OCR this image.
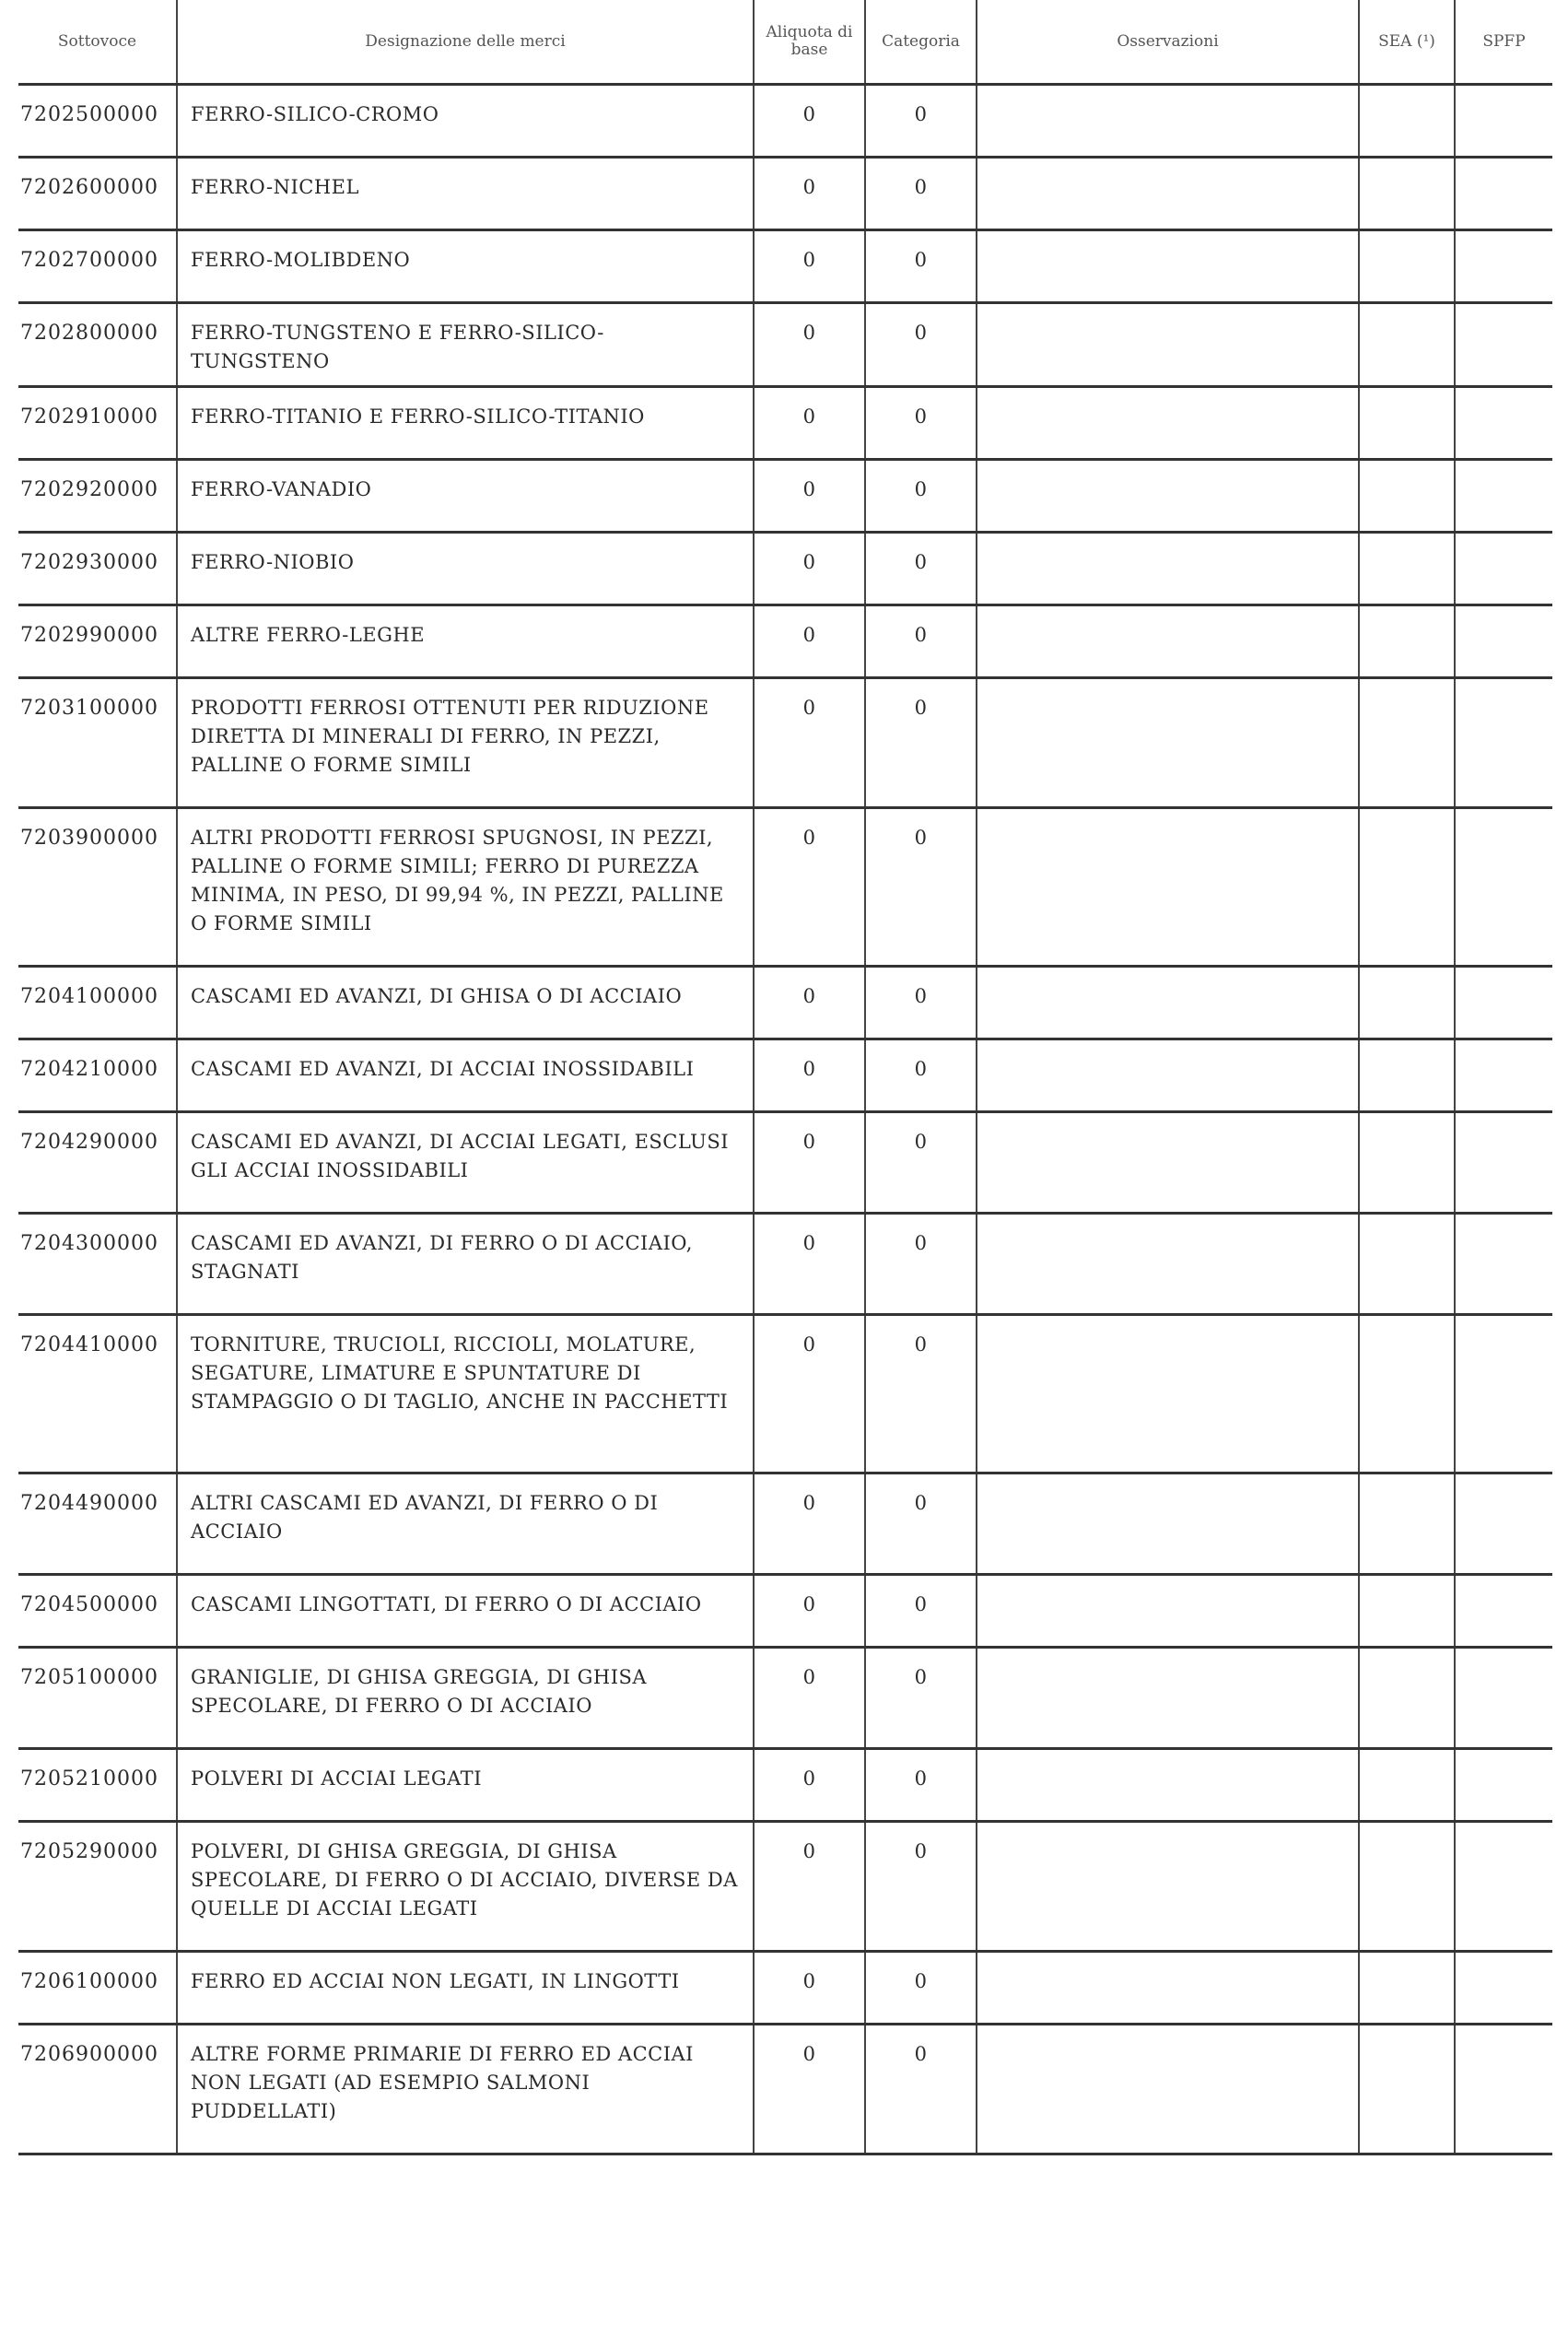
Sottovoce	Designazione delle merci	Aliquota di base	Categoria	Osservazioni	SEA (¹)	SPFP
7202500000	FERRO-SILICO-CROMO	0	0			
7202600000	FERRO-NICHEL	0	0			
7202700000	FERRO-MOLIBDENO	0	0			
7202800000	FERRO-TUNGSTENO E FERRO-SILICO-TUNGSTENO	0	0			
7202910000	FERRO-TITANIO E FERRO-SILICO-TITANIO	0	0			
7202920000	FERRO-VANADIO	0	0			
7202930000	FERRO-NIOBIO	0	0			
7202990000	ALTRE FERRO-LEGHE	0	0			
7203100000	PRODOTTI FERROSI OTTENUTI PER RIDUZIONE DIRETTA DI MINERALI DI FERRO, IN PEZZI, PALLINE O FORME SIMILI	0	0			
7203900000	ALTRI PRODOTTI FERROSI SPUGNOSI, IN PEZZI, PALLINE O FORME SIMILI; FERRO DI PUREZZA MINIMA, IN PESO, DI 99,94 %, IN PEZZI, PALLINE O FORME SIMILI	0	0			
7204100000	CASCAMI ED AVANZI, DI GHISA O DI ACCIAIO	0	0			
7204210000	CASCAMI ED AVANZI, DI ACCIAI INOSSIDABILI	0	0			
7204290000	CASCAMI ED AVANZI, DI ACCIAI LEGATI, ESCLUSI GLI ACCIAI INOSSIDABILI	0	0			
7204300000	CASCAMI ED AVANZI, DI FERRO O DI ACCIAIO, STAGNATI	0	0			
7204410000	TORNITURE, TRUCIOLI, RICCIOLI, MOLATURE, SEGATURE, LIMATURE E SPUNTATURE DI STAMPAGGIO O DI TAGLIO, ANCHE IN PACCHETTI	0	0			
7204490000	ALTRI CASCAMI ED AVANZI, DI FERRO O DI ACCIAIO	0	0			
7204500000	CASCAMI LINGOTTATI, DI FERRO O DI ACCIAIO	0	0			
7205100000	GRANIGLIE, DI GHISA GREGGIA, DI GHISA SPECOLARE, DI FERRO O DI ACCIAIO	0	0			
7205210000	POLVERI DI ACCIAI LEGATI	0	0			
7205290000	POLVERI, DI GHISA GREGGIA, DI GHISA SPECOLARE, DI FERRO O DI ACCIAIO, DIVERSE DA QUELLE DI ACCIAI LEGATI	0	0			
7206100000	FERRO ED ACCIAI NON LEGATI, IN LINGOTTI	0	0			
7206900000	ALTRE FORME PRIMARIE DI FERRO ED ACCIAI NON LEGATI (AD ESEMPIO SALMONI PUDDELLATI)	0	0			
